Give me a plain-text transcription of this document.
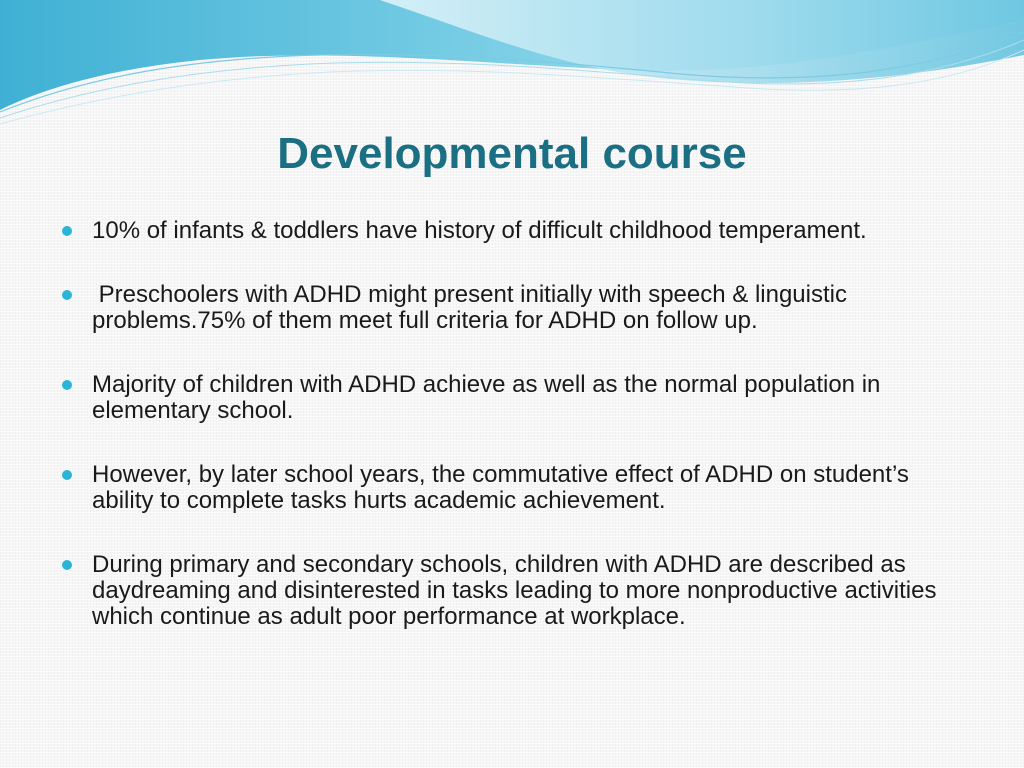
Developmental course
10% of infants & toddlers have history of difficult childhood temperament.
Preschoolers with ADHD might present initially with speech & linguistic problems.75% of them meet full criteria for ADHD on follow up.
Majority of children with ADHD achieve as well as the normal population in elementary school.
However, by later school years, the commutative effect of ADHD on student’s ability to complete tasks hurts academic achievement.
During primary and secondary schools, children with ADHD are described as daydreaming and disinterested in tasks leading to more nonproductive activities which continue as adult poor performance at workplace.
